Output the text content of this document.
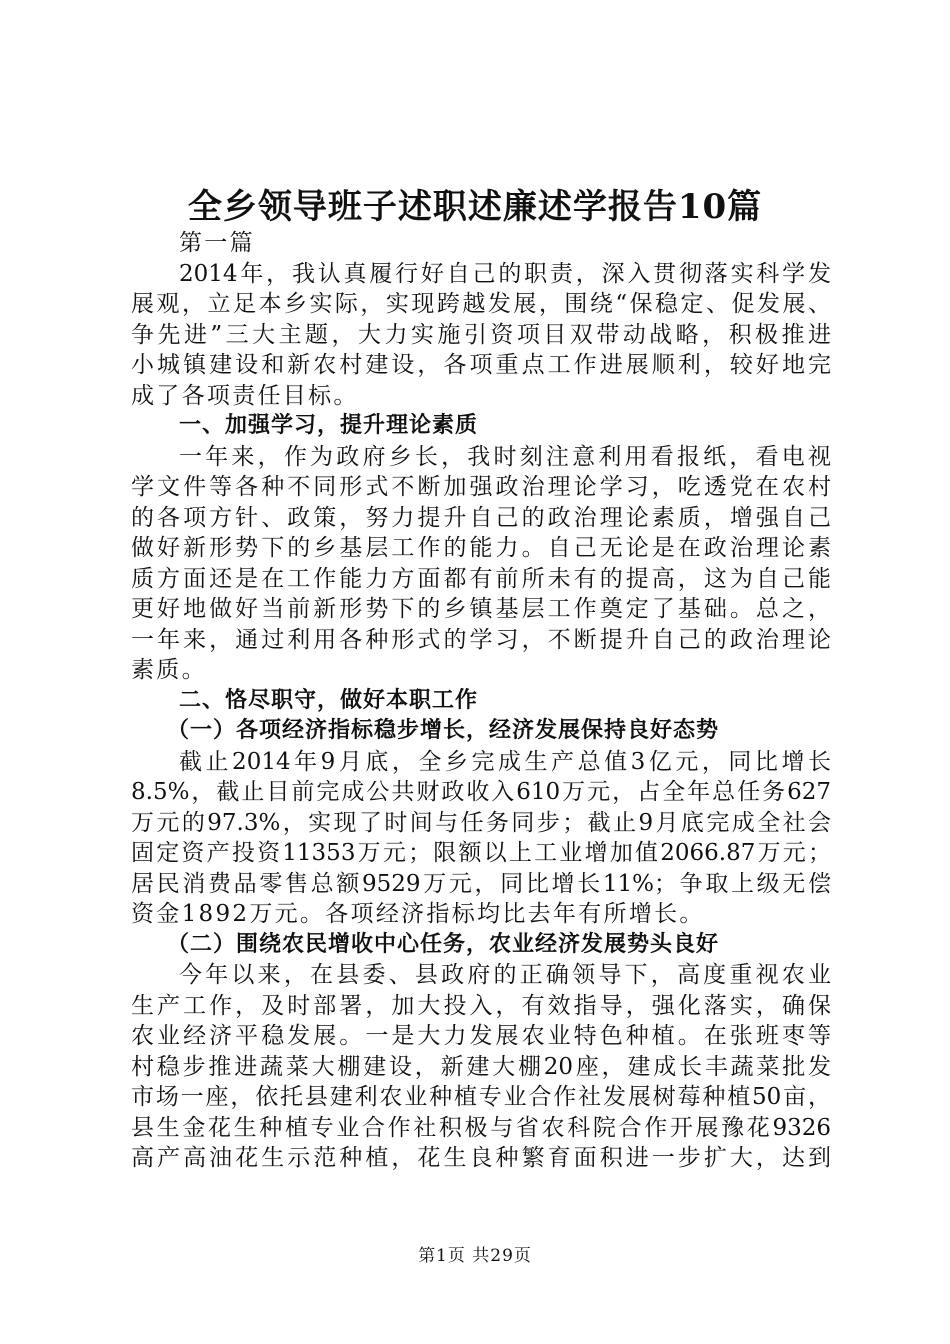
全乡领导班子述职述廉述学报告10篇
第一篇
2014年，我认真履行好自己的职责，深入贯彻落实科学发
展观，立足本乡实际，实现跨越发展，围绕“保稳定、促发展、
争先进”三大主题，大力实施引资项目双带动战略，积极推进
小城镇建设和新农村建设，各项重点工作进展顺利，较好地完
成了各项责任目标。
一、加强学习，提升理论素质
一年来，作为政府乡长，我时刻注意利用看报纸，看电视
学文件等各种不同形式不断加强政治理论学习，吃透党在农村
的各项方针、政策，努力提升自己的政治理论素质，增强自己
做好新形势下的乡基层工作的能力。自己无论是在政治理论素
质方面还是在工作能力方面都有前所未有的提高，这为自己能
更好地做好当前新形势下的乡镇基层工作奠定了基础。总之，
一年来，通过利用各种形式的学习，不断提升自己的政治理论
素质。
二、恪尽职守，做好本职工作
（一）各项经济指标稳步增长，经济发展保持良好态势
截止2014年9月底，全乡完成生产总值3亿元，同比增长
8.5%，截止目前完成公共财政收入610万元，占全年总任务627
万元的97.3%，实现了时间与任务同步；截止9月底完成全社会
固定资产投资11353万元；限额以上工业增加值2066.87万元；
居民消费品零售总额9529万元，同比增长11%；争取上级无偿
资金1892万元。各项经济指标均比去年有所增长。
（二）围绕农民增收中心任务，农业经济发展势头良好
今年以来，在县委、县政府的正确领导下，高度重视农业
生产工作，及时部署，加大投入，有效指导，强化落实，确保
农业经济平稳发展。一是大力发展农业特色种植。在张班枣等
村稳步推进蔬菜大棚建设，新建大棚20座，建成长丰蔬菜批发
市场一座，依托县建利农业种植专业合作社发展树莓种植50亩，
县生金花生种植专业合作社积极与省农科院合作开展豫花9326
高产高油花生示范种植，花生良种繁育面积进一步扩大，达到
第1页 共29页
